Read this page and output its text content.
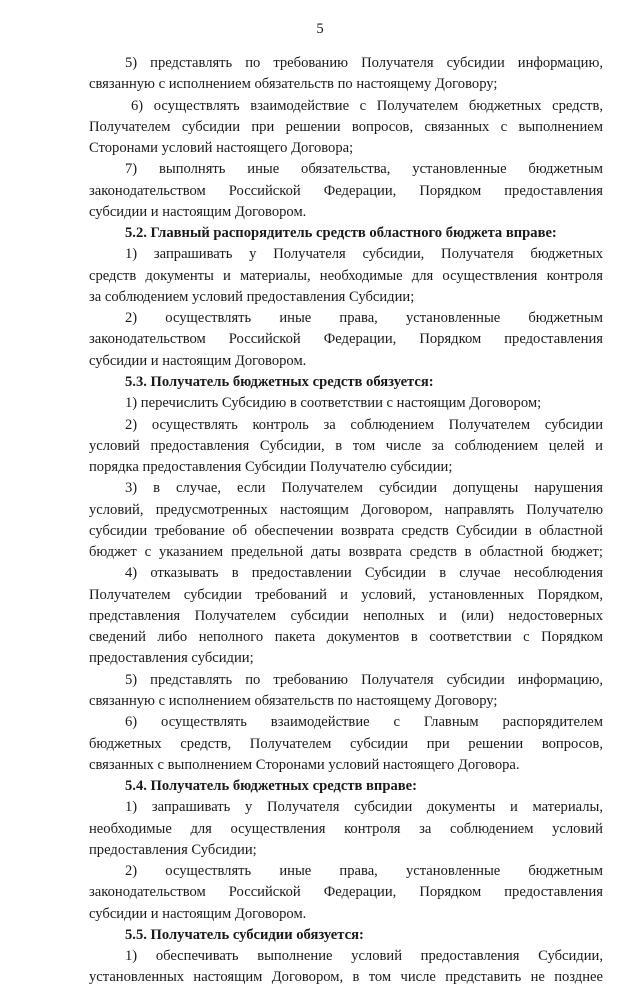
5
5) представлять по требованию Получателя субсидии информацию,
связанную с исполнением обязательств по настоящему Договору;
6) осуществлять взаимодействие с Получателем бюджетных средств,
Получателем субсидии при решении вопросов, связанных с выполнением
Сторонами условий настоящего Договора;
7) выполнять иные обязательства, установленные бюджетным
законодательством Российской Федерации, Порядком предоставления
субсидии и настоящим Договором.
5.2. Главный распорядитель средств областного бюджета вправе:
1) запрашивать у Получателя субсидии, Получателя бюджетных
средств документы и материалы, необходимые для осуществления контроля
за соблюдением условий предоставления Субсидии;
2) осуществлять иные права, установленные бюджетным
законодательством Российской Федерации, Порядком предоставления
субсидии и настоящим Договором.
5.3. Получатель бюджетных средств обязуется:
1) перечислить Субсидию в соответствии с настоящим Договором;
2) осуществлять контроль за соблюдением Получателем субсидии
условий предоставления Субсидии, в том числе за соблюдением целей и
порядка предоставления Субсидии Получателю субсидии;
3) в случае, если Получателем субсидии допущены нарушения
условий, предусмотренных настоящим Договором, направлять Получателю
субсидии требование об обеспечении возврата средств Субсидии в областной
бюджет с указанием предельной даты возврата средств в областной бюджет;
4) отказывать в предоставлении Субсидии в случае несоблюдения
Получателем субсидии требований и условий, установленных Порядком,
представления Получателем субсидии неполных и (или) недостоверных
сведений либо неполного пакета документов в соответствии с Порядком
предоставления субсидии;
5) представлять по требованию Получателя субсидии информацию,
связанную с исполнением обязательств по настоящему Договору;
6) осуществлять взаимодействие с Главным распорядителем
бюджетных средств, Получателем субсидии при решении вопросов,
связанных с выполнением Сторонами условий настоящего Договора.
5.4. Получатель бюджетных средств вправе:
1) запрашивать у Получателя субсидии документы и материалы,
необходимые для осуществления контроля за соблюдением условий
предоставления Субсидии;
2) осуществлять иные права, установленные бюджетным
законодательством Российской Федерации, Порядком предоставления
субсидии и настоящим Договором.
5.5. Получатель субсидии обязуется:
1) обеспечивать выполнение условий предоставления Субсидии,
установленных настоящим Договором, в том числе представить не позднее
